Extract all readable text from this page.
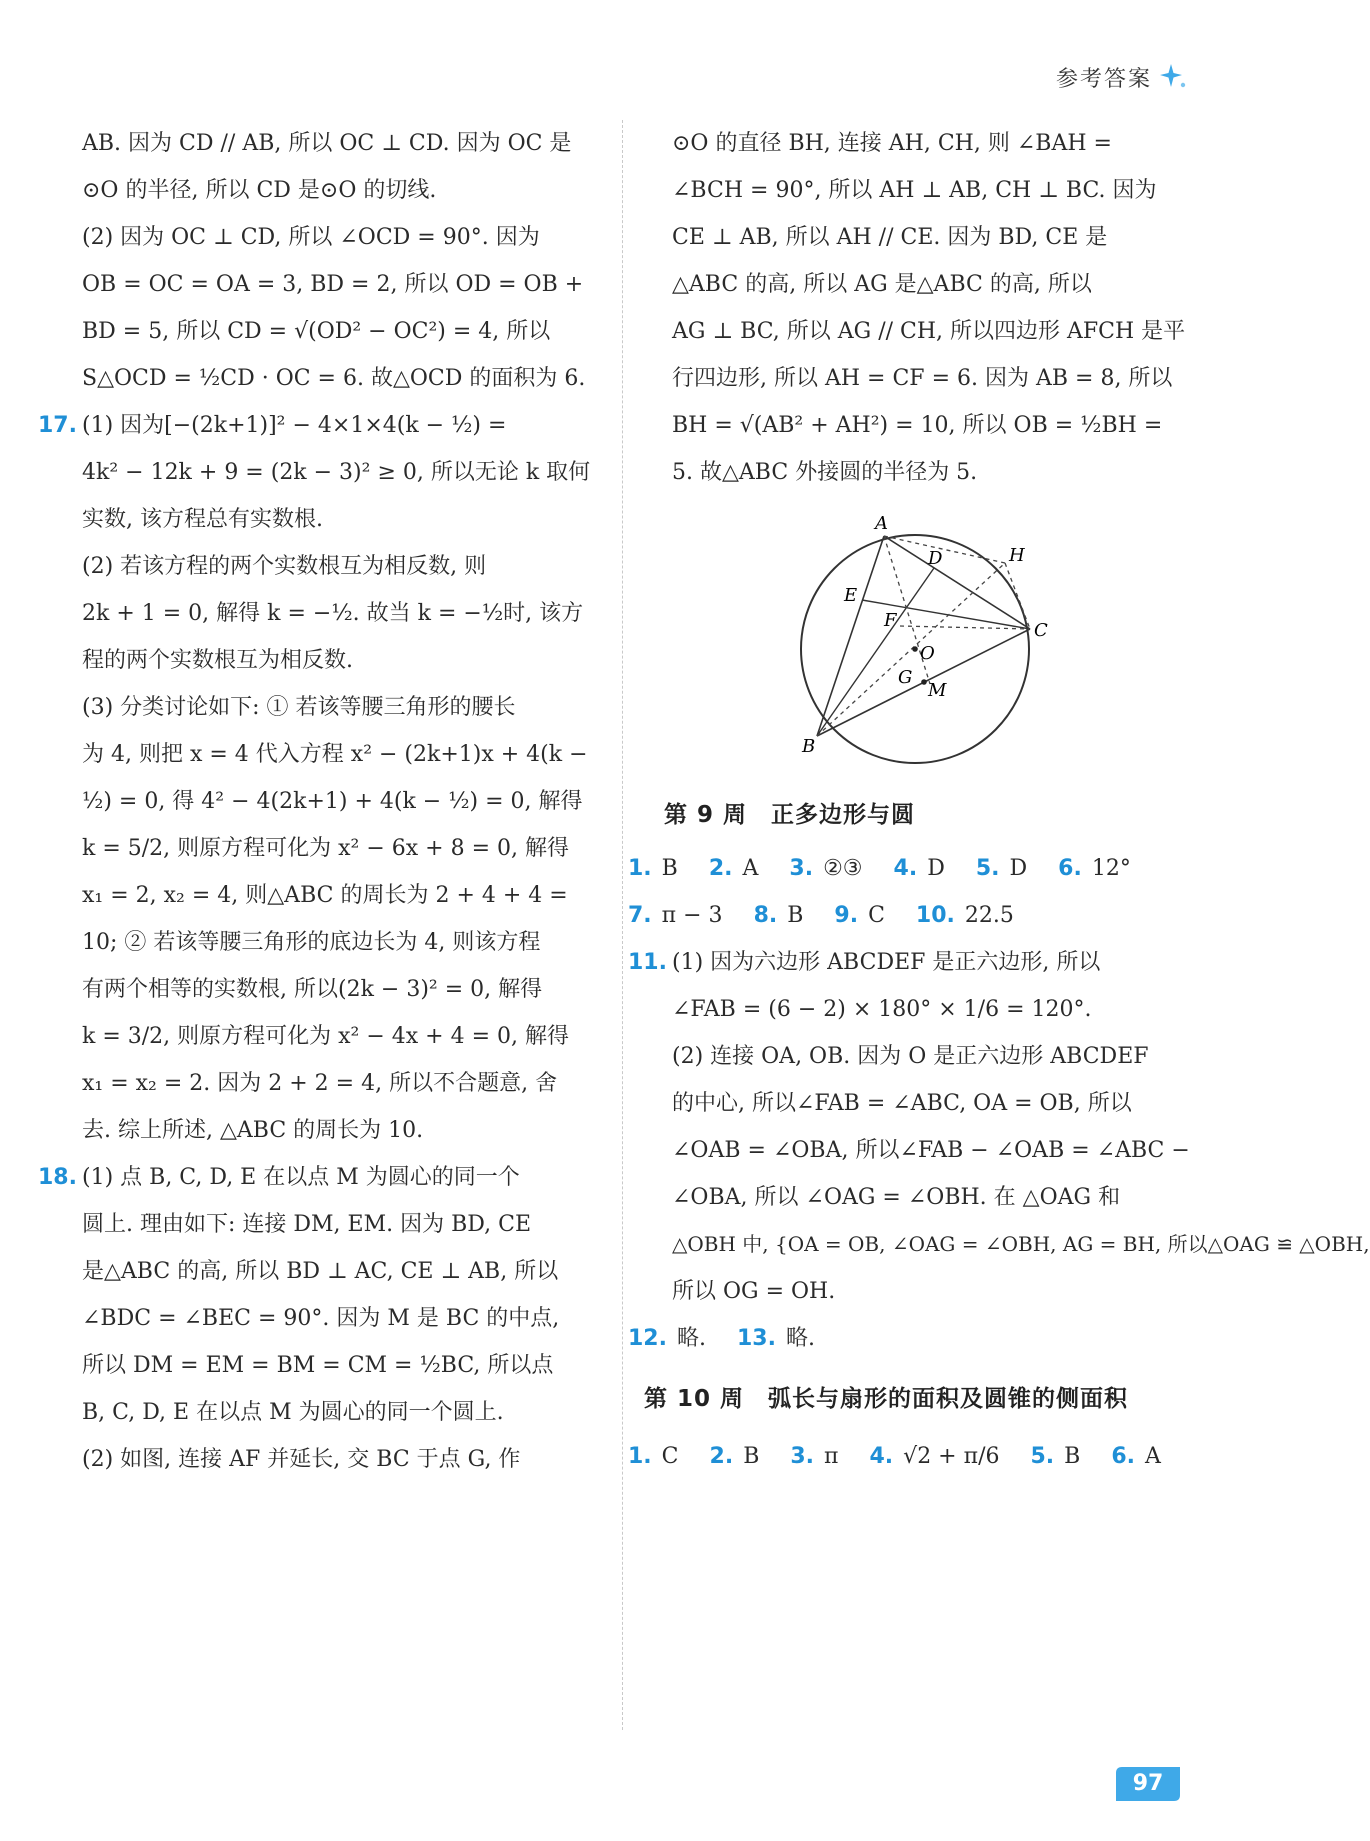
参考答案
AB. 因为 CD // AB, 所以 OC ⊥ CD. 因为 OC 是
⊙O 的半径, 所以 CD 是⊙O 的切线.
(2) 因为 OC ⊥ CD, 所以 ∠OCD = 90°. 因为
OB = OC = OA = 3, BD = 2, 所以 OD = OB +
BD = 5, 所以 CD = √(OD² − OC²) = 4, 所以
S△OCD = ½CD · OC = 6. 故△OCD 的面积为 6.
17. (1) 因为[−(2k+1)]² − 4×1×4(k − ½) =
4k² − 12k + 9 = (2k − 3)² ≥ 0, 所以无论 k 取何
实数, 该方程总有实数根.
(2) 若该方程的两个实数根互为相反数, 则
2k + 1 = 0, 解得 k = −½. 故当 k = −½时, 该方
程的两个实数根互为相反数.
(3) 分类讨论如下: ① 若该等腰三角形的腰长
为 4, 则把 x = 4 代入方程 x² − (2k+1)x + 4(k −
½) = 0, 得 4² − 4(2k+1) + 4(k − ½) = 0, 解得
k = 5/2, 则原方程可化为 x² − 6x + 8 = 0, 解得
x₁ = 2, x₂ = 4, 则△ABC 的周长为 2 + 4 + 4 =
10; ② 若该等腰三角形的底边长为 4, 则该方程
有两个相等的实数根, 所以(2k − 3)² = 0, 解得
k = 3/2, 则原方程可化为 x² − 4x + 4 = 0, 解得
x₁ = x₂ = 2. 因为 2 + 2 = 4, 所以不合题意, 舍
去. 综上所述, △ABC 的周长为 10.
18. (1) 点 B, C, D, E 在以点 M 为圆心的同一个
圆上. 理由如下: 连接 DM, EM. 因为 BD, CE
是△ABC 的高, 所以 BD ⊥ AC, CE ⊥ AB, 所以
∠BDC = ∠BEC = 90°. 因为 M 是 BC 的中点,
所以 DM = EM = BM = CM = ½BC, 所以点
B, C, D, E 在以点 M 为圆心的同一个圆上.
(2) 如图, 连接 AF 并延长, 交 BC 于点 G, 作
⊙O 的直径 BH, 连接 AH, CH, 则 ∠BAH =
∠BCH = 90°, 所以 AH ⊥ AB, CH ⊥ BC. 因为
CE ⊥ AB, 所以 AH // CE. 因为 BD, CE 是
△ABC 的高, 所以 AG 是△ABC 的高, 所以
AG ⊥ BC, 所以 AG // CH, 所以四边形 AFCH 是平
行四边形, 所以 AH = CF = 6. 因为 AB = 8, 所以
BH = √(AB² + AH²) = 10, 所以 OB = ½BH =
5. 故△ABC 外接圆的半径为 5.
A
D	H
E
F
O
C
G
M
B
第 9 周　正多边形与圆
1. B 2. A 3. ②③ 4. D 5. D 6. 12°
7. π − 3 8. B 9. C 10. 22.5
11. (1) 因为六边形 ABCDEF 是正六边形, 所以
∠FAB = (6 − 2) × 180° × 1/6 = 120°.
(2) 连接 OA, OB. 因为 O 是正六边形 ABCDEF
的中心, 所以∠FAB = ∠ABC, OA = OB, 所以
∠OAB = ∠OBA, 所以∠FAB − ∠OAB = ∠ABC −
∠OBA, 所以 ∠OAG = ∠OBH. 在 △OAG 和
△OBH 中, {OA = OB, ∠OAG = ∠OBH, AG = BH, 所以△OAG ≌ △OBH,
所以 OG = OH.
12. 略. 13. 略.
第 10 周　弧长与扇形的面积及圆锥的侧面积
1. C 2. B 3. π 4. √2 + π/6 5. B 6. A
97
